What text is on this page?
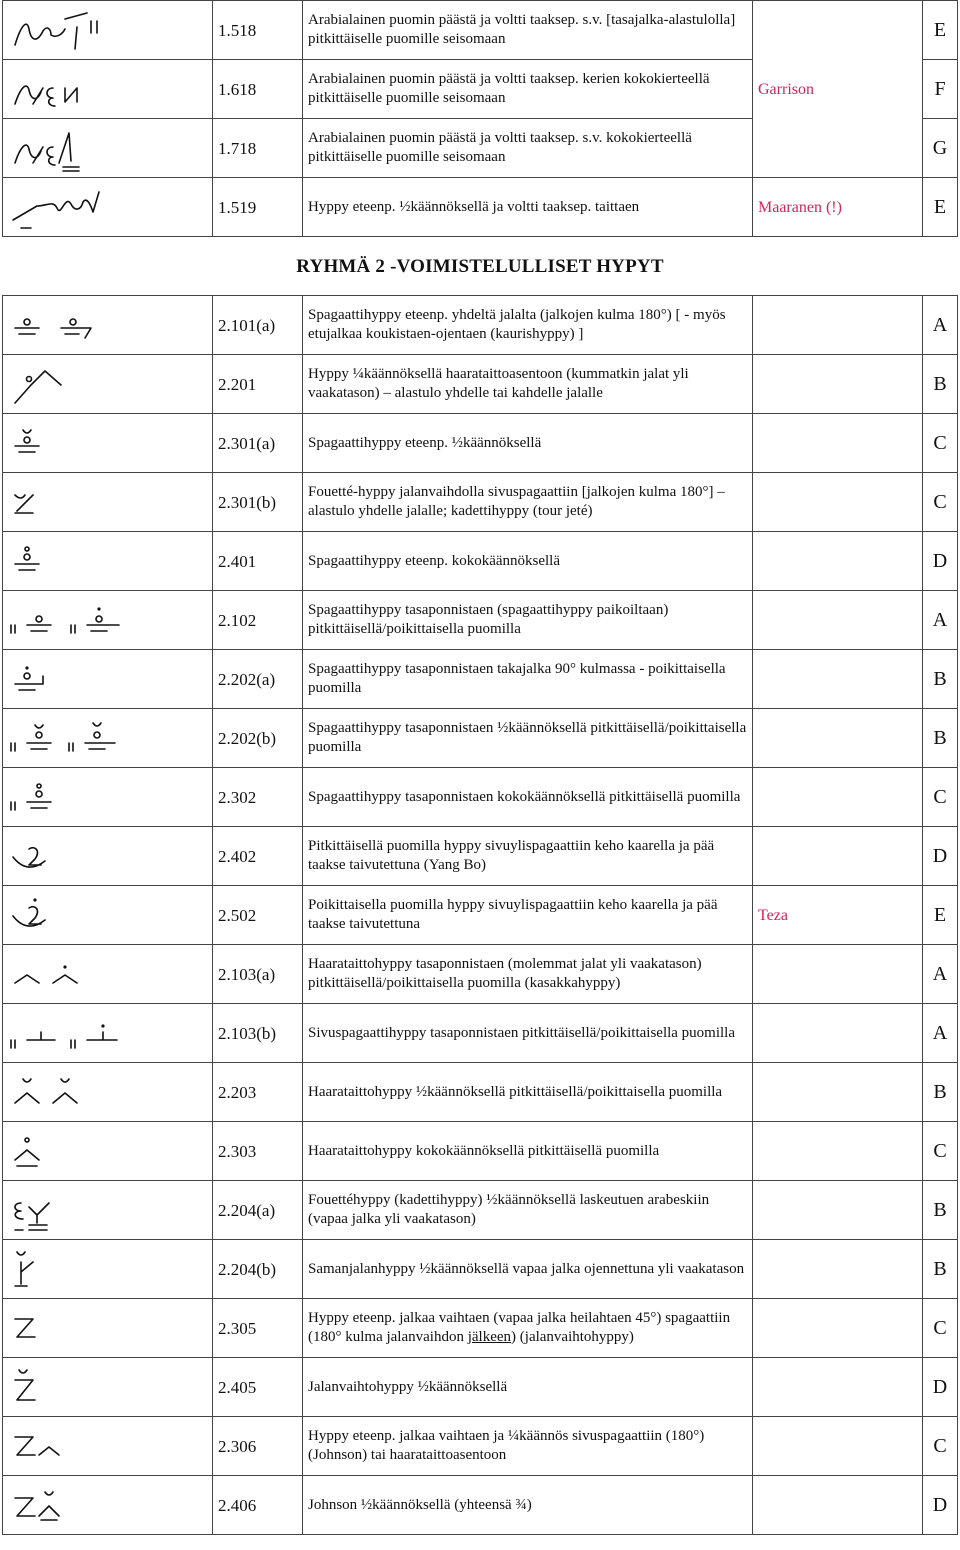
	1.518	Arabialainen puomin päästä ja voltti taaksep. s.v. [tasajalka-alastulolla] pitkittäiselle puomille seisomaan	Garrison	E

	1.618	Arabialainen puomin päästä ja voltti taaksep. kerien kokokierteellä pitkittäiselle puomille seisomaan		F

	1.718	Arabialainen puomin päästä ja voltti taaksep. s.v. kokokierteellä pitkittäiselle puomille seisomaan		G

	1.519	Hyppy eteenp. ½käännöksellä ja voltti taaksep. taittaen	Maaranen (!)	E
RYHMÄ 2 -VOIMISTELULLISET HYPYT				

	2.101(a)	Spagaattihyppy eteenp. yhdeltä jalalta (jalkojen kulma 180°) [ - myös etujalkaa koukistaen-ojentaen (kaurishyppy) ]		A

	2.201	Hyppy ¼käännöksellä haarataittoasentoon (kummatkin jalat yli vaakatason) – alastulo yhdelle tai kahdelle jalalle		B

	2.301(a)	Spagaattihyppy eteenp. ½käännöksellä		C

	2.301(b)	Fouetté-hyppy jalanvaihdolla sivuspagaattiin [jalkojen kulma 180°] – alastulo yhdelle jalalle; kadettihyppy (tour jeté)		C

	2.401	Spagaattihyppy eteenp. kokokäännöksellä		D

	2.102	Spagaattihyppy tasaponnistaen (spagaattihyppy paikoiltaan) pitkittäisellä/poikittaisella puomilla		A

	2.202(a)	Spagaattihyppy tasaponnistaen takajalka 90° kulmassa - poikittaisella puomilla		B

	2.202(b)	Spagaattihyppy tasaponnistaen ½käännöksellä pitkittäisellä/poikittaisella puomilla		B

	2.302	Spagaattihyppy tasaponnistaen kokokäännöksellä pitkittäisellä puomilla		C

	2.402	Pitkittäisellä puomilla hyppy sivuylispagaattiin keho kaarella ja pää taakse taivutettuna (Yang Bo)		D

	2.502	Poikittaisella puomilla hyppy sivuylispagaattiin keho kaarella ja pää taakse taivutettuna	Teza	E

	2.103(a)	Haarataittohyppy tasaponnistaen (molemmat jalat yli vaakatason) pitkittäisellä/poikittaisella puomilla (kasakkahyppy)		A

	2.103(b)	Sivuspagaattihyppy tasaponnistaen pitkittäisellä/poikittaisella puomilla		A

	2.203	Haarataittohyppy ½käännöksellä pitkittäisellä/poikittaisella puomilla		B

	2.303	Haarataittohyppy kokokäännöksellä pitkittäisellä puomilla		C

	2.204(a)	Fouettéhyppy (kadettihyppy) ½käännöksellä laskeutuen arabeskiin (vapaa jalka yli vaakatason)		B

	2.204(b)	Samanjalanhyppy ½käännöksellä vapaa jalka ojennettuna yli vaakatason		B

	2.305	Hyppy eteenp. jalkaa vaihtaen (vapaa jalka heilahtaen 45°) spagaattiin (180° kulma jalanvaihdon jälkeen) (jalanvaihtohyppy)		C

	2.405	Jalanvaihtohyppy ½käännöksellä		D

	2.306	Hyppy eteenp. jalkaa vaihtaen ja ¼käännös sivuspagaattiin (180°) (Johnson) tai haarataittoasentoon		C

	2.406	Johnson ½käännöksellä (yhteensä ¾)		D
